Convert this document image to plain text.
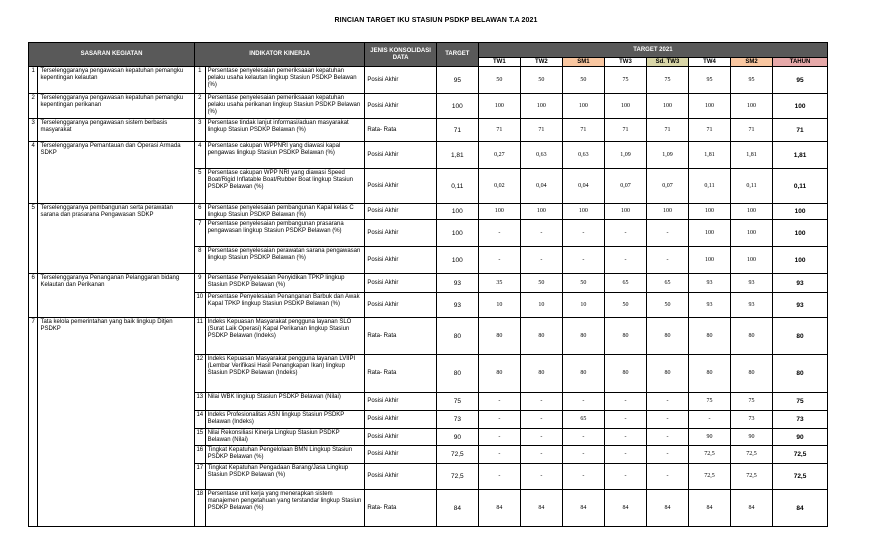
RINCIAN TARGET IKU STASIUN PSDKP BELAWAN T.A 2021
SASARAN KEGIATAN		INDIKATOR KINERJA		JENIS KONSOLIDASI DATA	TARGET	TARGET 2021							
						TW1	TW2	SM1	TW3	Sd. TW3	TW4	SM2	TAHUN
1	Terselenggaranya pengawasan kepatuhan pemangku kepentingan kelautan	1	Persentase penyelesaian pemeriksaaan kepatuhan pelaku usaha kelautan lingkup Stasiun PSDKP Belawan (%)	Posisi Akhir	95	50	50	50	75	75	95	95	95
2	Terselenggaranya pengawasan kepatuhan pemangku kepentingan perikanan	2	Persentase penyelesaian pemeriksaaan kepatuhan pelaku usaha perikanan lingkup Stasiun PSDKP Belawan (%)	Posisi Akhir	100	100	100	100	100	100	100	100	100
3	Terselenggaranya pengawasan sistem berbasis masyarakat	3	Persentase tindak lanjut informasi/aduan masyarakat lingkup Stasiun PSDKP Belawan (%)	Rata- Rata	71	71	71	71	71	71	71	71	71
4	Terselenggaranya Pemantauan dan Operasi Armada SDKP	4	Persentase cakupan WPPNRI yang diawasi kapal pengawas lingkup Stasiun PSDKP Belawan (%)	Posisi Akhir	1,81	0,27	0,63	0,63	1,09	1,09	1,81	1,81	1,81
		5	Persentase cakupan WPP NRI yang diawasi Speed Boat/Rigid Inflatable Boat/Rubber Boat lingkup Stasiun PSDKP Belawan (%)	Posisi Akhir	0,11	0,02	0,04	0,04	0,07	0,07	0,11	0,11	0,11
5	Terselenggaranya pembangunan serta perawatan sarana dan prasarana Pengawasan SDKP	6	Persentase penyelesaian pembangunan Kapal kelas C lingkup Stasiun PSDKP Belawan (%)	Posisi Akhir	100	100	100	100	100	100	100	100	100
		7	Persentase penyelesaian pembangunan prasarana pengawasan lingkup Stasiun PSDKP Belawan (%)	Posisi Akhir	100	-	-	-	-	-	100	100	100
		8	Persentase penyelesaian perawatan sarana pengawasan lingkup Stasiun PSDKP Belawan (%)	Posisi Akhir	100	-	-	-	-	-	100	100	100
6	Terselenggaranya Penanganan Pelanggaran bidang Kelautan dan Perikanan	9	Persentase Penyelesaian Penyidikan TPKP lingkup Stasiun PSDKP Belawan (%)	Posisi Akhir	93	35	50	50	65	65	93	93	93
		10	Persentase Penyelesaian Penanganan Barbuk dan Awak Kapal TPKP lingkup Stasiun PSDKP Belawan (%)	Posisi Akhir	93	10	10	10	50	50	93	93	93
7	Tata kelola pemerintahan yang baik lingkup Ditjen PSDKP	11	Indeks Kepuasan Masyarakat pengguna layanan SLO (Surat Laik Operasi) Kapal Perikanan lingkup Stasiun PSDKP Belawan (Indeks)	Rata- Rata	80	80	80	80	80	80	80	80	80
		12	Indeks Kepuasan Masyarakat pengguna layanan LVIIPI (Lembar Verifikasi Hasil Penangkapan Ikan) lingkup Stasiun PSDKP Belawan (Indeks)	Rata- Rata	80	80	80	80	80	80	80	80	80
		13	Nilai WBK lingkup Stasiun PSDKP Belawan (Nilai)	Posisi Akhir	75	-	-	-	-	-	75	75	75
		14	Indeks Profesionalitas ASN lingkup Stasiun PSDKP Belawan (Indeks)	Posisi Akhir	73	-	-	65	-	-	-	73	73
		15	Nilai Rekonsiliasi Kinerja Lingkup Stasiun PSDKP Belawan (Nilai)	Posisi Akhir	90	-	-	-	-	-	90	90	90
		16	Tingkat Kepatuhan Pengelolaan BMN Lingkup Stasiun PSDKP Belawan (%)	Posisi Akhir	72,5	-	-	-	-	-	72,5	72,5	72,5
		17	Tingkat Kepatuhan Pengadaan Barang/Jasa Lingkup Stasiun PSDKP Belawan (%)	Posisi Akhir	72,5	-	-	-	-	-	72,5	72,5	72,5
		18	Persentase unit kerja yang menerapkan sistem manajemen pengetahuan yang terstandar lingkup Stasiun PSDKP Belawan (%)	Rata- Rata	84	84	84	84	84	84	84	84	84
